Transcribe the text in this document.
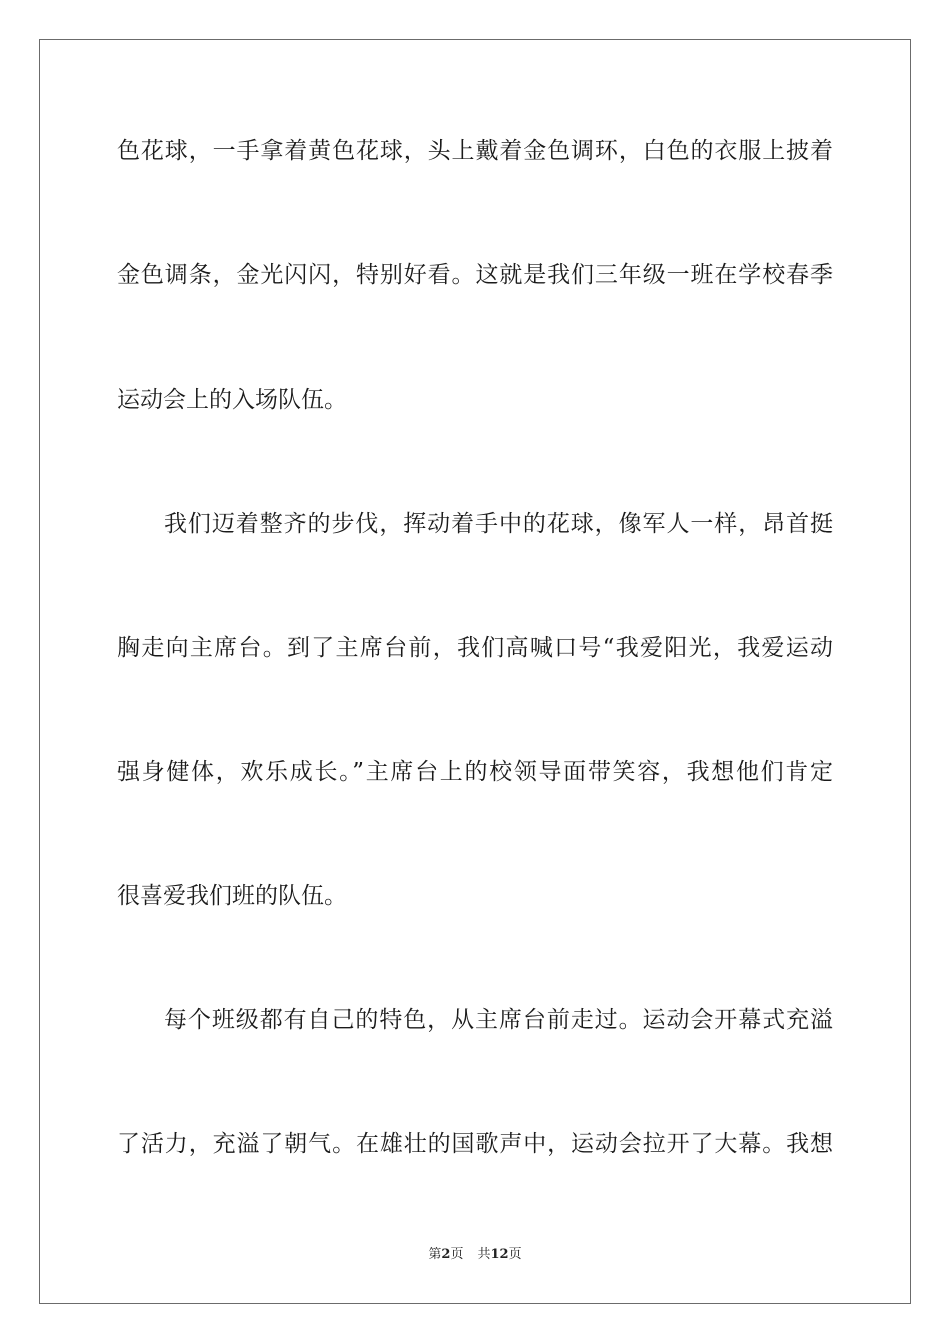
色花球，一手拿着黄色花球，头上戴着金色调环，白色的衣服上披着
金色调条，金光闪闪，特别好看。这就是我们三年级一班在学校春季
运动会上的入场队伍。
我们迈着整齐的步伐，挥动着手中的花球，像军人一样，昂首挺
胸走向主席台。到了主席台前，我们高喊口号“我爱阳光，我爱运动
强身健体，欢乐成长。”主席台上的校领导面带笑容，我想他们肯定
很喜爱我们班的队伍。
每个班级都有自己的特色，从主席台前走过。运动会开幕式充溢
了活力，充溢了朝气。在雄壮的国歌声中，运动会拉开了大幕。我想
第2页 共12页
